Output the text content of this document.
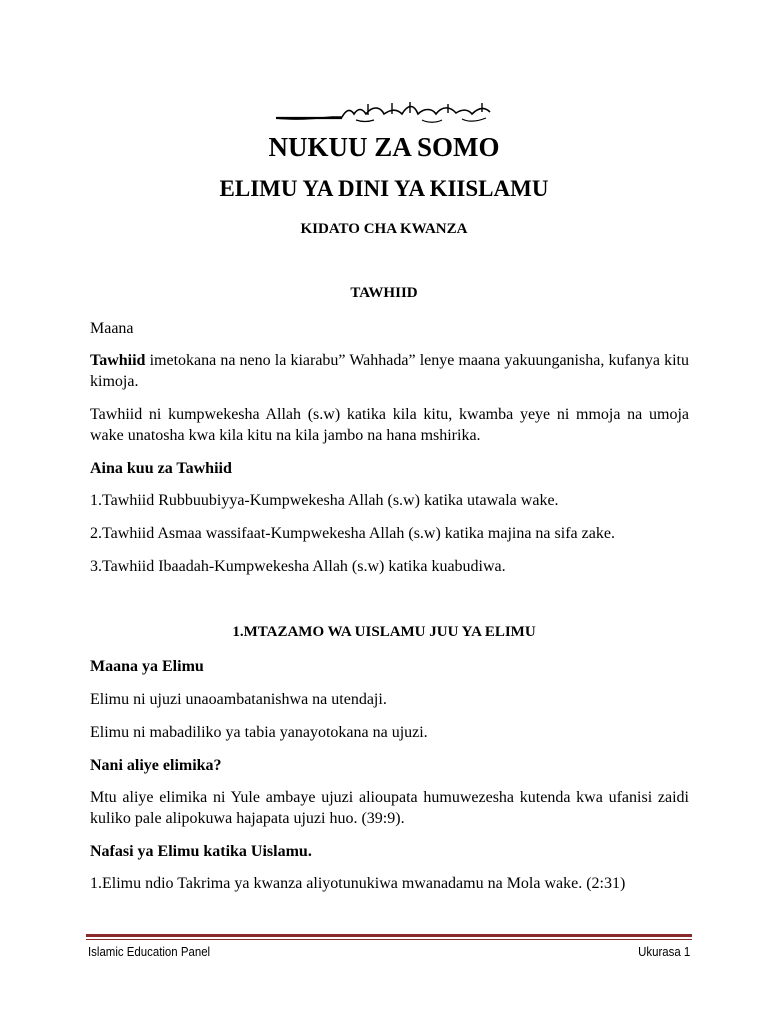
NUKUU ZA SOMO
ELIMU YA DINI YA KIISLAMU
KIDATO CHA KWANZA
TAWHIID
Maana
Tawhiid imetokana na neno la kiarabu” Wahhada” lenye maana yakuunganisha, kufanya kitu kimoja.
Tawhiid ni kumpwekesha Allah (s.w) katika kila kitu, kwamba yeye ni mmoja na umoja wake unatosha kwa kila kitu na kila jambo na hana mshirika.
Aina kuu za Tawhiid
1.Tawhiid Rubbuubiyya-Kumpwekesha Allah (s.w) katika utawala wake.
2.Tawhiid Asmaa wassifaat-Kumpwekesha Allah (s.w) katika majina na sifa zake.
3.Tawhiid Ibaadah-Kumpwekesha Allah (s.w) katika kuabudiwa.
1.MTAZAMO WA UISLAMU JUU YA ELIMU
Maana ya Elimu
Elimu ni ujuzi unaoambatanishwa na utendaji.
Elimu ni mabadiliko ya tabia yanayotokana na ujuzi.
Nani aliye elimika?
Mtu aliye elimika ni Yule ambaye ujuzi alioupata humuwezesha kutenda kwa ufanisi zaidi kuliko pale alipokuwa hajapata ujuzi huo. (39:9).
Nafasi ya Elimu katika Uislamu.
1.Elimu ndio Takrima ya kwanza aliyotunukiwa mwanadamu na Mola wake. (2:31)
Islamic Education Panel	Ukurasa 1
